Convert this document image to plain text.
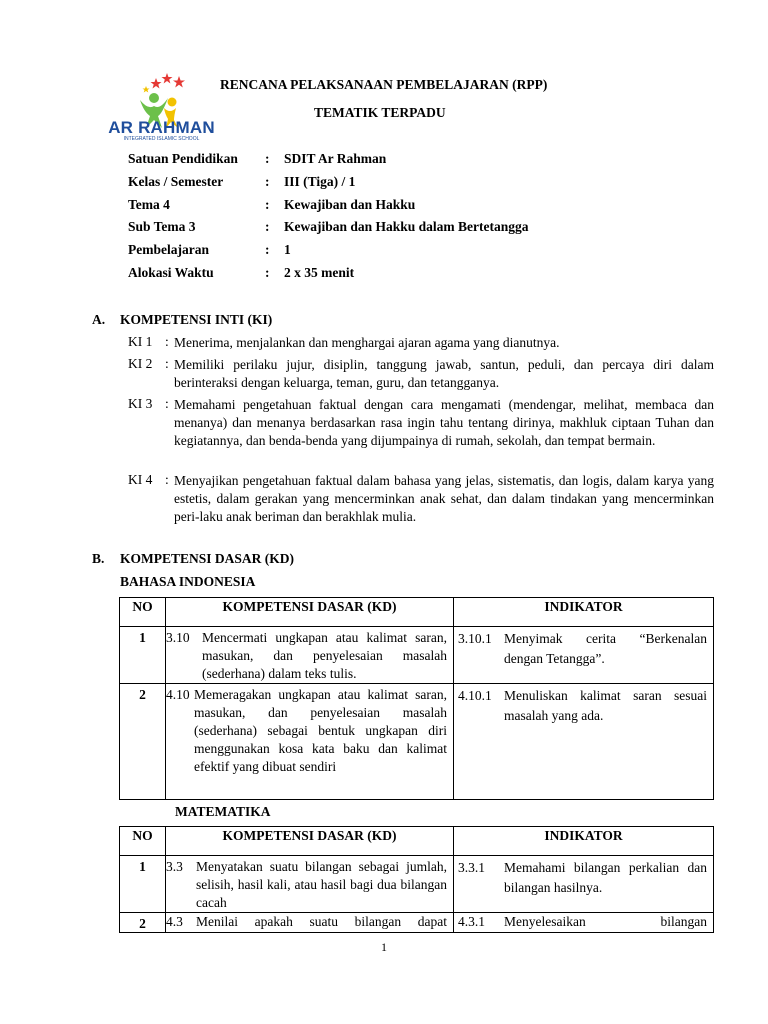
AR RAHMAN
INTEGRATED ISLAMIC SCHOOL
RENCANA PELAKSANAAN PEMBELAJARAN (RPP)
TEMATIK TERPADU
Satuan Pendidikan	:	SDIT Ar Rahman
Kelas / Semester	:	III (Tiga) / 1
Tema 4	:	Kewajiban dan Hakku
Sub Tema 3	:	Kewajiban dan Hakku dalam Bertetangga
Pembelajaran	:	1
Alokasi Waktu	:	2 x 35 menit
A. KOMPETENSI INTI (KI)
KI 1 : Menerima, menjalankan dan menghargai ajaran agama yang dianutnya.
KI 2 : Memiliki perilaku jujur, disiplin, tanggung jawab, santun, peduli, dan percaya diri dalam berinteraksi dengan keluarga, teman, guru, dan tetangganya.
KI 3 : Memahami pengetahuan faktual dengan cara mengamati (mendengar, melihat, membaca dan menanya) dan menanya berdasarkan rasa ingin tahu tentang dirinya, makhluk ciptaan Tuhan dan kegiatannya, dan benda-benda yang dijumpainya di rumah, sekolah, dan tempat bermain.
KI 4 : Menyajikan pengetahuan faktual dalam bahasa yang jelas, sistematis, dan logis, dalam karya yang estetis, dalam gerakan yang mencerminkan anak sehat, dan dalam tindakan yang mencerminkan peri-laku anak beriman dan berakhlak mulia.
B. KOMPETENSI DASAR (KD)
BAHASA INDONESIA
NO	KOMPETENSI DASAR (KD)	INDIKATOR
1	3.10 Mencermati ungkapan atau kalimat saran, masukan, dan penyelesaian masalah (sederhana) dalam teks tulis.	3.10.1 Menyimak cerita “Berkenalan dengan Tetangga”.

2	4.10 Memeragakan ungkapan atau kalimat saran, masukan, dan penyelesaian masalah (sederhana) sebagai bentuk ungkapan diri menggunakan kosa kata baku dan kalimat efektif yang dibuat sendiri	4.10.1 Menuliskan kalimat saran sesuai masalah yang ada.
MATEMATIKA
NO	KOMPETENSI DASAR (KD)	INDIKATOR
1	3.3 Menyatakan suatu bilangan sebagai jumlah, selisih, hasil kali, atau hasil bagi dua bilangan cacah	3.3.1 Memahami bilangan perkalian dan bilangan hasilnya.

2	4.3 Menilai apakah suatu bilangan dapat	4.3.1 Menyelesaikan bilangan
1
